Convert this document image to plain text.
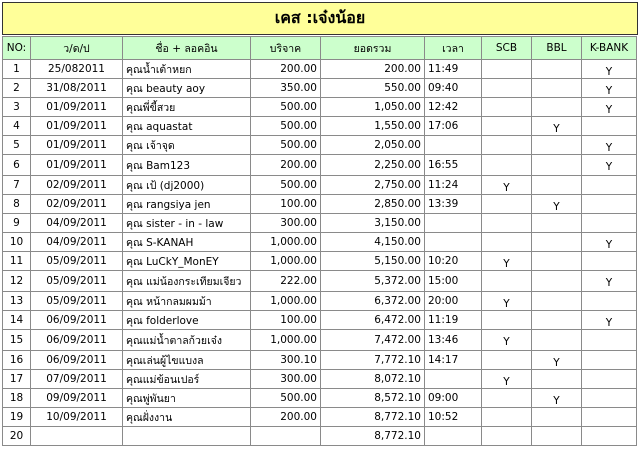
เคส :เจ๋งน้อย
NO:	ว/ด/ป	ชื่อ + ลอคอิน	บริจาค	ยอดรวม	เวลา	SCB	BBL	K-BANK
1	25/082011	คุณน้ำเต้าหยก	200.00	200.00	11:49			Y
2	31/08/2011	คุณ beauty aoy	350.00	550.00	09:40			Y
3	01/09/2011	คุณพี่ขี้สวย	500.00	1,050.00	12:42			Y
4	01/09/2011	คุณ aquastat	500.00	1,550.00	17:06		Y	
5	01/09/2011	คุณ เจ้าจุด	500.00	2,050.00				Y
6	01/09/2011	คุณ Bam123	200.00	2,250.00	16:55			Y
7	02/09/2011	คุณ เป้ (dj2000)	500.00	2,750.00	11:24	Y		
8	02/09/2011	คุณ rangsiya jen	100.00	2,850.00	13:39		Y	
9	04/09/2011	คุณ sister - in - law	300.00	3,150.00				
10	04/09/2011	คุณ S-KANAH	1,000.00	4,150.00				Y
11	05/09/2011	คุณ LuCkY_MonEY	1,000.00	5,150.00	10:20	Y		
12	05/09/2011	คุณ แม่น้องกระเทียมเจียว	222.00	5,372.00	15:00			Y
13	05/09/2011	คุณ หน้ากลมผมม้า	1,000.00	6,372.00	20:00	Y		
14	06/09/2011	คุณ folderlove	100.00	6,472.00	11:19			Y
15	06/09/2011	คุณแม่น้ำตาลก้วยเจ๋ง	1,000.00	7,472.00	13:46	Y		
16	06/09/2011	คุณเล่นผู้ไขแบงล	300.10	7,772.10	14:17		Y	
17	07/09/2011	คุณแม่ข้อนเปอร์	300.00	8,072.10		Y		
18	09/09/2011	คุณพู่พันยา	500.00	8,572.10	09:00		Y	
19	10/09/2011	คุณฝั่งงาน	200.00	8,772.10	10:52			
20				8,772.10				
